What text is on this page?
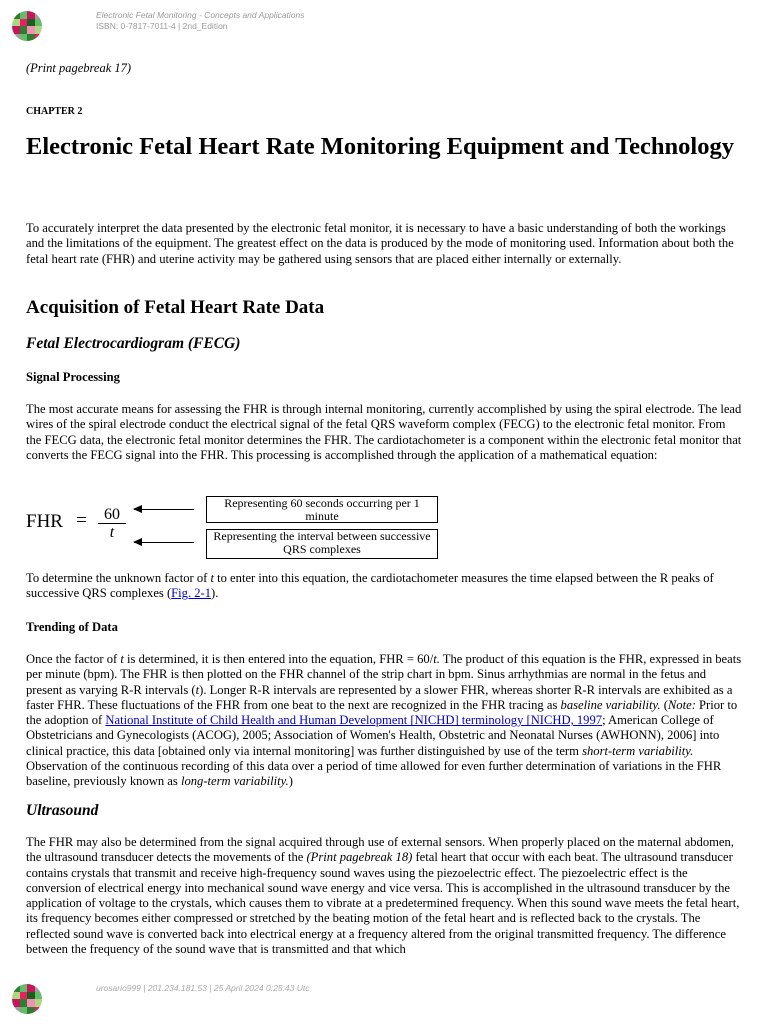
Electronic Fetal Monitoring - Concepts and Applications
ISBN: 0-7817-7011-4 | 2nd_Edition
(Print pagebreak 17)
CHAPTER 2
Electronic Fetal Heart Rate Monitoring Equipment and Technology

To accurately interpret the data presented by the electronic fetal monitor, it is necessary to have a basic understanding of both the workings and the limitations of the equipment. The greatest effect on the data is produced by the mode of monitoring used. Information about both the fetal heart rate (FHR) and uterine activity may be gathered using sensors that are placed either internally or externally.

Acquisition of Fetal Heart Rate Data
Fetal Electrocardiogram (FECG)
Signal Processing

The most accurate means for assessing the FHR is through internal monitoring, currently accomplished by using the spiral electrode. The lead wires of the spiral electrode conduct the electrical signal of the fetal QRS waveform complex (FECG) to the electronic fetal monitor. From the FECG data, the electronic fetal monitor determines the FHR. The cardiotachometer is a component within the electronic fetal monitor that converts the FECG signal into the FHR. This processing is accomplished through the application of a mathematical equation:

FHR = 60
t
Representing 60 seconds occurring per 1 minute
Representing the interval between successive QRS complexes

To determine the unknown factor of t to enter into this equation, the cardiotachometer measures the time elapsed between the R peaks of successive QRS complexes (Fig. 2-1).

Trending of Data

Once the factor of t is determined, it is then entered into the equation, FHR = 60/t. The product of this equation is the FHR, expressed in beats per minute (bpm). The FHR is then plotted on the FHR channel of the strip chart in bpm. Sinus arrhythmias are normal in the fetus and present as varying R-R intervals (t). Longer R-R intervals are represented by a slower FHR, whereas shorter R-R intervals are exhibited as a faster FHR. These fluctuations of the FHR from one beat to the next are recognized in the FHR tracing as baseline variability. (Note: Prior to the adoption of National Institute of Child Health and Human Development [NICHD] terminology [NICHD, 1997; American College of Obstetricians and Gynecologists (ACOG), 2005; Association of Women's Health, Obstetric and Neonatal Nurses (AWHONN), 2006] into clinical practice, this data [obtained only via internal monitoring] was further distinguished by use of the term short-term variability. Observation of the continuous recording of this data over a period of time allowed for even further determination of variations in the FHR baseline, previously known as long-term variability.)

Ultrasound

The FHR may also be determined from the signal acquired through use of external sensors. When properly placed on the maternal abdomen, the ultrasound transducer detects the movements of the (Print pagebreak 18) fetal heart that occur with each beat. The ultrasound transducer contains crystals that transmit and receive high-frequency sound waves using the piezoelectric effect. The piezoelectric effect is the conversion of electrical energy into mechanical sound wave energy and vice versa. This is accomplished in the ultrasound transducer by the application of voltage to the crystals, which causes them to vibrate at a predetermined frequency. When this sound wave meets the fetal heart, its frequency becomes either compressed or stretched by the beating motion of the fetal heart and is reflected back to the crystals. The reflected sound wave is converted back into electrical energy at a frequency altered from the original transmitted frequency. The difference between the frequency of the sound wave that is transmitted and that which

urosario999 | 201.234.181.53 | 25 April 2024 0:25:43 Utc
